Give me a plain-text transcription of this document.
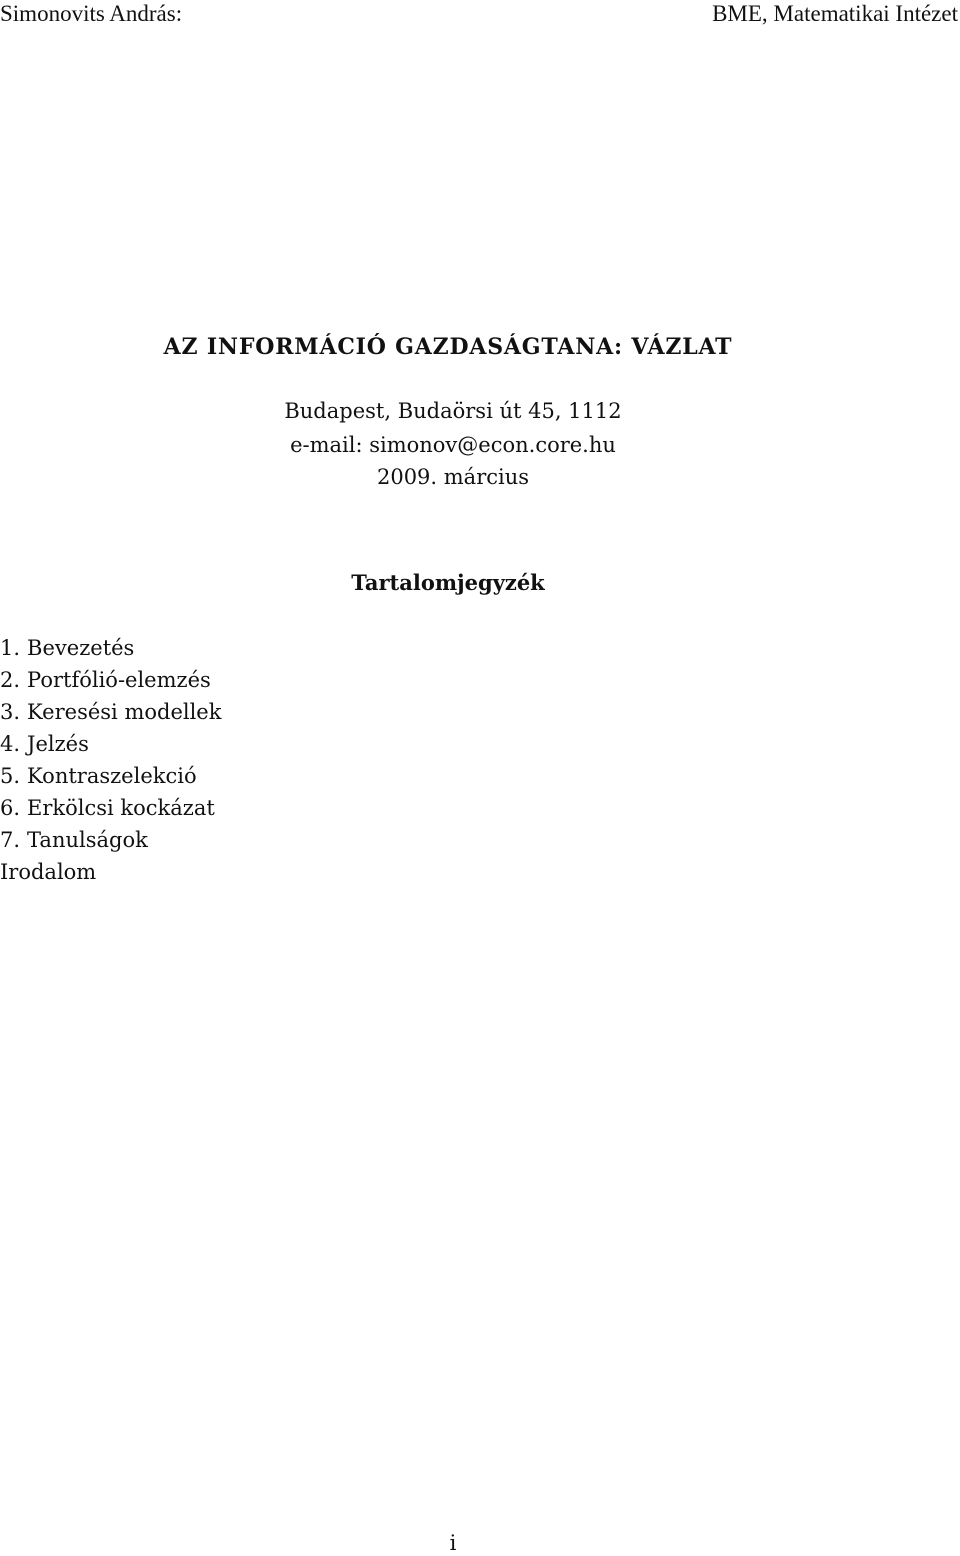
Simonovits András:	BME, Matematikai Intézet
AZ INFORMÁCIÓ GAZDASÁGTANA: VÁZLAT
Budapest, Budaörsi út 45, 1112
e-mail: simonov@econ.core.hu
2009. március
Tartalomjegyzék
1. Bevezetés
2. Portfólió-elemzés
3. Keresési modellek
4. Jelzés
5. Kontraszelekció
6. Erkölcsi kockázat
7. Tanulságok
Irodalom
i
